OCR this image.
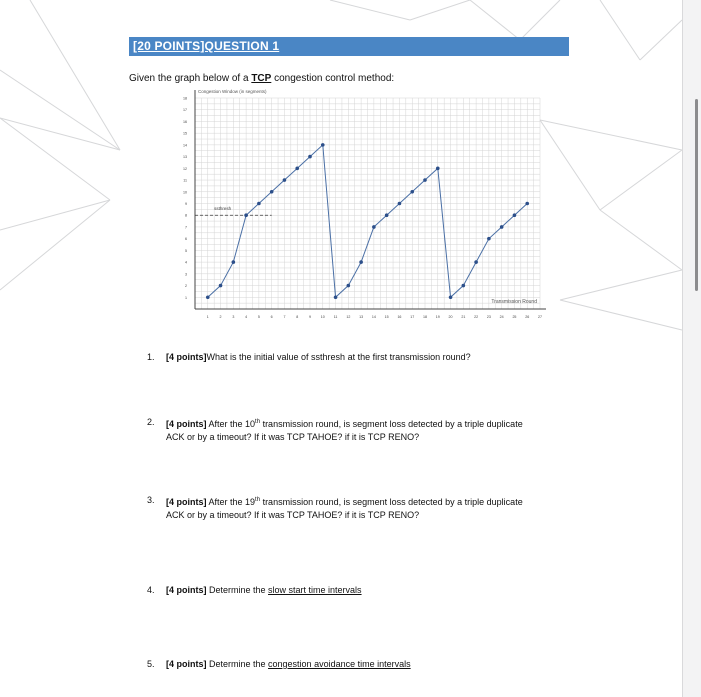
[20 POINTS]QUESTION 1
Given the graph below of a TCP congestion control method:
Congestion Window (in segments)
Transmission Round
1	2	3	4	5	6	7	8	9	10 11 12 13 14 15 16 17 18 19 20 21 22 23 24 25 26 27
1
2
3
4
5
6
7
8
9
10
11
12
13
14
15
16
17
18
ssthresh
1. [4 points]What is the initial value of ssthresh at the first transmission round?
2. [4 points] After the 10th transmission round, is segment loss detected by a triple duplicate
ACK or by a timeout? If it was TCP TAHOE? if it is TCP RENO?
3. [4 points] After the 19th transmission round, is segment loss detected by a triple duplicate
ACK or by a timeout? If it was TCP TAHOE? if it is TCP RENO?
4. [4 points] Determine the slow start time intervals
5. [4 points] Determine the congestion avoidance time intervals
